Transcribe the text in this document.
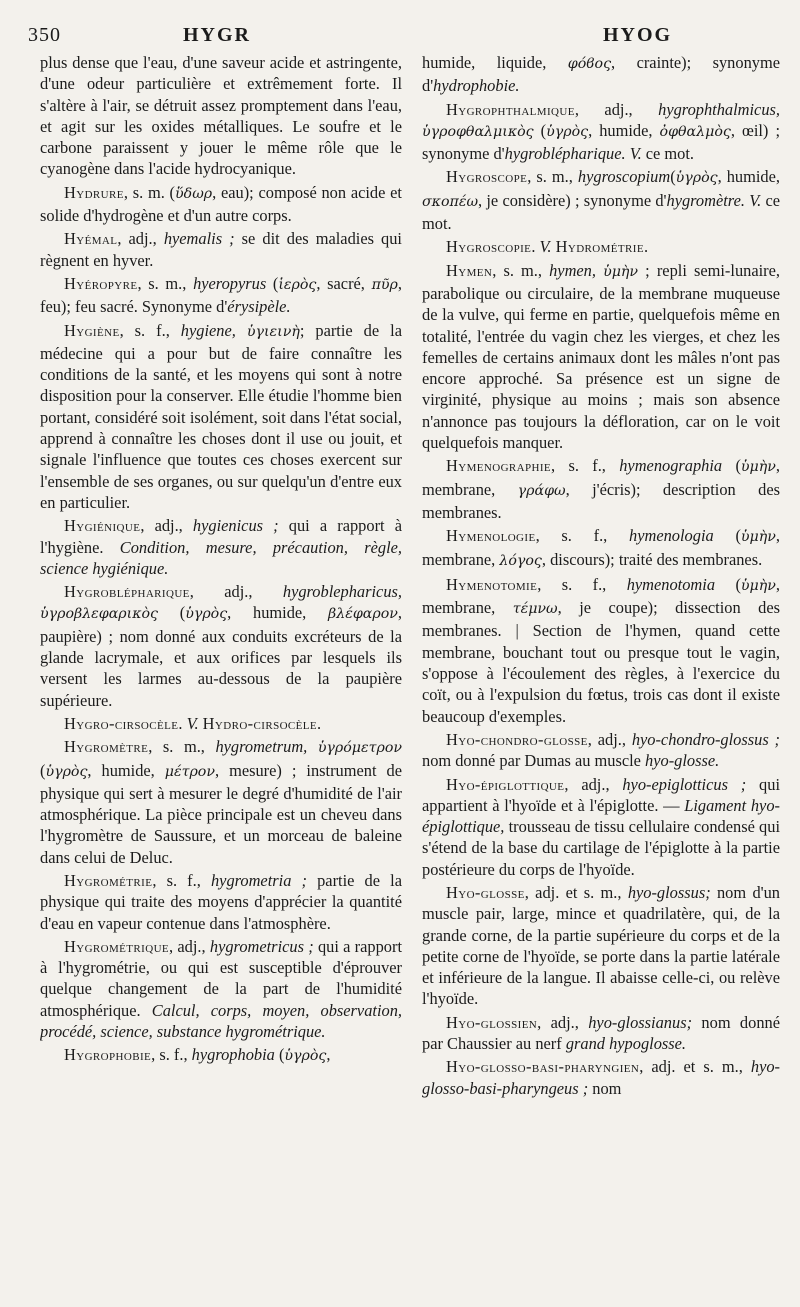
350	HYGR	HYOG

plus dense que l'eau, d'une saveur acide et astringente, d'une odeur particulière et extrêmement forte. Il s'altère à l'air, se détruit assez promptement dans l'eau, et agit sur les oxides métalliques. Le soufre et le carbone paraissent y jouer le même rôle que le cyanogène dans l'acide hydrocyanique.

Hydrure, s. m. (ὕδωρ, eau); composé non acide et solide d'hydrogène et d'un autre corps.

Hyémal, adj., hyemalis ; se dit des maladies qui règnent en hyver.

Hyéropyre, s. m., hyeropyrus (ἱερὸς, sacré, πῦρ, feu); feu sacré. Synonyme d'érysipèle.

Hygiène, s. f., hygiene, ὑγιεινὴ; partie de la médecine qui a pour but de faire connaître les conditions de la santé, et les moyens qui sont à notre disposition pour la conserver. Elle étudie l'homme bien portant, considéré soit isolément, soit dans l'état social, apprend à connaître les choses dont il use ou jouit, et signale l'influence que toutes ces choses exercent sur l'ensemble de ses organes, ou sur quelqu'un d'entre eux en particulier.

Hygiénique, adj., hygienicus ; qui a rapport à l'hygiène. Condition, mesure, précaution, règle, science hygiénique.

Hygroblépharique, adj., hygroblepharicus, ὑγροβλεφαρικὸς (ὑγρὸς, humide, βλέφαρον, paupière) ; nom donné aux conduits excréteurs de la glande lacrymale, et aux orifices par lesquels ils versent les larmes au-dessous de la paupière supérieure.

Hygro-cirsocèle. V. Hydro-cirsocèle.

Hygromètre, s. m., hygrometrum, ὑγρόμετρον (ὑγρὸς, humide, μέτρον, mesure) ; instrument de physique qui sert à mesurer le degré d'humidité de l'air atmosphérique. La pièce principale est un cheveu dans l'hygromètre de Saussure, et un morceau de baleine dans celui de Deluc.

Hygrométrie, s. f., hygrometria ; partie de la physique qui traite des moyens d'apprécier la quantité d'eau en vapeur contenue dans l'atmosphère.

Hygrométrique, adj., hygrometricus ; qui a rapport à l'hygrométrie, ou qui est susceptible d'éprouver quelque changement de la part de l'humidité atmosphérique. Calcul, corps, moyen, observation, procédé, science, substance hygrométrique.

Hygrophobie, s. f., hygrophobia (ὑγρὸς,

humide, liquide, φόϐος, crainte); synonyme d'hydrophobie.

Hygrophthalmique, adj., hygrophthalmicus, ὑγροφθαλμικὸς (ὑγρὸς, humide, ὀφθαλμὸς, œil) ; synonyme d'hygroblépharique. V. ce mot.

Hygroscope, s. m., hygroscopium(ὑγρὸς, humide, σκοπέω, je considère) ; synonyme d'hygromètre. V. ce mot.

Hygroscopie. V. Hydrométrie.

Hymen, s. m., hymen, ὑμὴν ; repli semi-lunaire, parabolique ou circulaire, de la membrane muqueuse de la vulve, qui ferme en partie, quelquefois même en totalité, l'entrée du vagin chez les vierges, et chez les femelles de certains animaux dont les mâles n'ont pas encore approché. Sa présence est un signe de virginité, physique au moins ; mais son absence n'annonce pas toujours la défloration, car on le voit quelquefois manquer.

Hymenographie, s. f., hymenographia (ὑμὴν, membrane, γράφω, j'écris); description des membranes.

Hymenologie, s. f., hymenologia (ὑμὴν, membrane, λόγος, discours); traité des membranes.

Hymenotomie, s. f., hymenotomia (ὑμὴν, membrane, τέμνω, je coupe); dissection des membranes. | Section de l'hymen, quand cette membrane, bouchant tout ou presque tout le vagin, s'oppose à l'écoulement des règles, à l'exercice du coït, ou à l'expulsion du fœtus, trois cas dont il existe beaucoup d'exemples.

Hyo-chondro-glosse, adj., hyo-chondro-glossus ; nom donné par Dumas au muscle hyo-glosse.

Hyo-épiglottique, adj., hyo-epiglotticus ; qui appartient à l'hyoïde et à l'épiglotte. — Ligament hyo-épiglottique, trousseau de tissu cellulaire condensé qui s'étend de la base du cartilage de l'épiglotte à la partie postérieure du corps de l'hyoïde.

Hyo-glosse, adj. et s. m., hyo-glossus; nom d'un muscle pair, large, mince et quadrilatère, qui, de la grande corne, de la partie supérieure du corps et de la petite corne de l'hyoïde, se porte dans la partie latérale et inférieure de la langue. Il abaisse celle-ci, ou relève l'hyoïde.

Hyo-glossien, adj., hyo-glossianus; nom donné par Chaussier au nerf grand hypoglosse.

Hyo-glosso-basi-pharyngien, adj. et s. m., hyo-glosso-basi-pharyngeus ; nom
